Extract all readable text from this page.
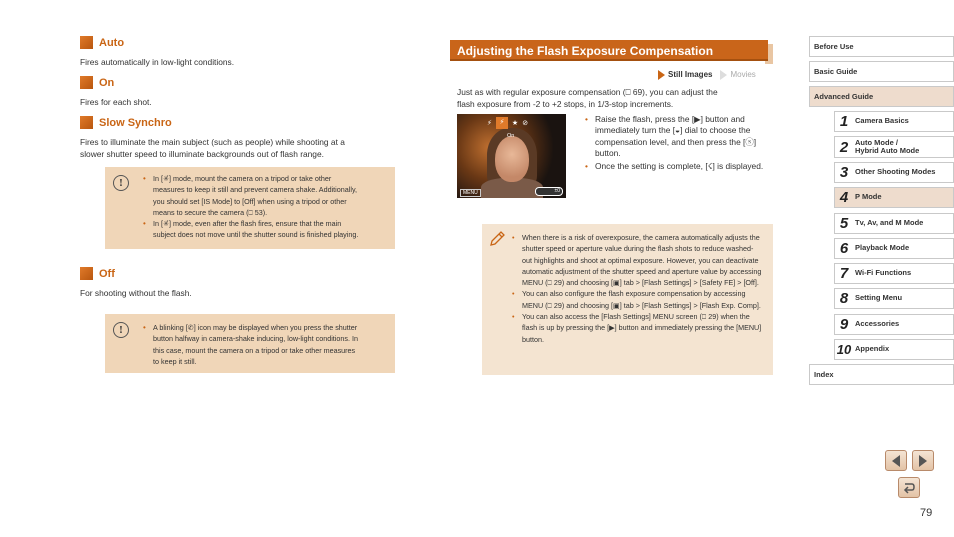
Auto
Fires automatically in low-light conditions.
On
Fires for each shot.
Slow Synchro
Fires to illuminate the main subject (such as people) while shooting at a
slower shutter speed to illuminate backgrounds out of flash range.
!	• In [✳́] mode, mount the camera on a tripod or take other
measures to keep it still and prevent camera shake. Additionally,
you should set [IS Mode] to [Off] when using a tripod or other
means to secure the camera (⎕ 53).
• In [✳́] mode, even after the flash fires, ensure that the main
subject does not move until the shutter sound is finished playing.
Off
For shooting without the flash.
!	• A blinking [✆] icon may be displayed when you press the shutter
button halfway in camera-shake inducing, low-light conditions. In
this case, mount the camera on a tripod or take other measures
to keep it still.
Adjusting the Flash Exposure Compensation
Still Images	Movies
Just as with regular exposure compensation (⎕ 69), you can adjust the
flash exposure from -2 to +2 stops, in 1/3-stop increments.
⚡	⚡	★ ⊘
On
MENU	±0
• Raise the flash, press the [▶] button and immediately turn the [◒] dial to choose the compensation level, and then press the [ⓢ] button.
• Once the setting is complete, [☇] is displayed.
• When there is a risk of overexposure, the camera automatically adjusts the shutter speed or aperture value during the flash shots to reduce washed-out highlights and shoot at optimal exposure. However, you can deactivate automatic adjustment of the shutter speed and aperture value by accessing MENU (⎕ 29) and choosing [▣] tab > [Flash Settings] > [Safety FE] > [Off].
• You can also configure the flash exposure compensation by accessing MENU (⎕ 29) and choosing [▣] tab > [Flash Settings] > [Flash Exp. Comp].
• You can also access the [Flash Settings] MENU screen (⎕ 29) when the flash is up by pressing the [▶] button and immediately pressing the [MENU] button.
Before Use
Basic Guide
Advanced Guide
1 Camera Basics
2 Auto Mode /
Hybrid Auto Mode
3 Other Shooting Modes
4 P Mode
5 Tv, Av, and M Mode
6 Playback Mode
7 Wi-Fi Functions
8 Setting Menu
9 Accessories
10 Appendix
Index
79
